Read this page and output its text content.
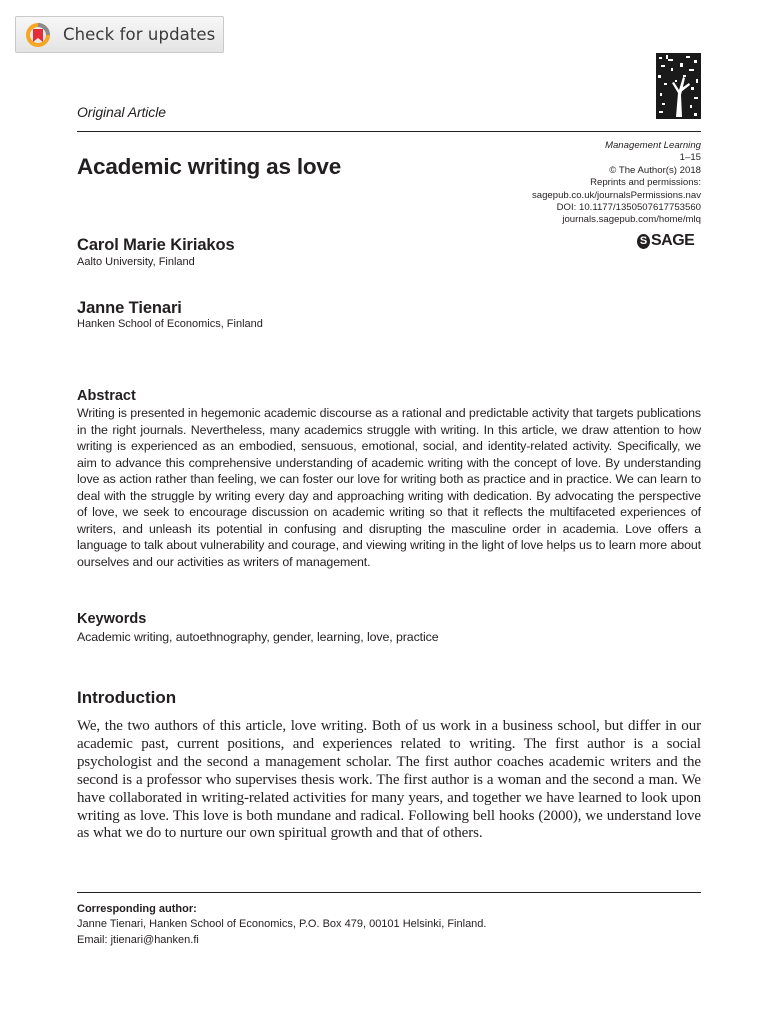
Check for updates
Original Article
Management Learning
1–15
© The Author(s) 2018
Reprints and permissions:
sagepub.co.uk/journalsPermissions.nav
DOI: 10.1177/1350507617753560
journals.sagepub.com/home/mlq
S SAGE
Academic writing as love
Carol Marie Kiriakos
Aalto University, Finland
Janne Tienari
Hanken School of Economics, Finland
Abstract

Writing is presented in hegemonic academic discourse as a rational and predictable activity that targets publications in the right journals. Nevertheless, many academics struggle with writing. In this article, we draw attention to how writing is experienced as an embodied, sensuous, emotional, social, and identity-related activity. Specifically, we aim to advance this comprehensive understanding of academic writing with the concept of love. By understanding love as action rather than feeling, we can foster our love for writing both as practice and in practice. We can learn to deal with the struggle by writing every day and approaching writing with dedication. By advocating the perspective of love, we seek to encourage discussion on academic writing so that it reflects the multifaceted experiences of writers, and unleash its potential in confusing and disrupting the masculine order in academia. Love offers a language to talk about vulnerability and courage, and viewing writing in the light of love helps us to learn more about ourselves and our activities as writers of management.

Keywords
Academic writing, autoethnography, gender, learning, love, practice
Introduction

We, the two authors of this article, love writing. Both of us work in a business school, but differ in our academic past, current positions, and experiences related to writing. The first author is a social psychologist and the second a management scholar. The first author coaches academic writers and the second is a professor who supervises thesis work. The first author is a woman and the second a man. We have collaborated in writing-related activities for many years, and together we have learned to look upon writing as love. This love is both mundane and radical. Following bell hooks (2000), we understand love as what we do to nurture our own spiritual growth and that of others.

Corresponding author:
Janne Tienari, Hanken School of Economics, P.O. Box 479, 00101 Helsinki, Finland.
Email: jtienari@hanken.fi
